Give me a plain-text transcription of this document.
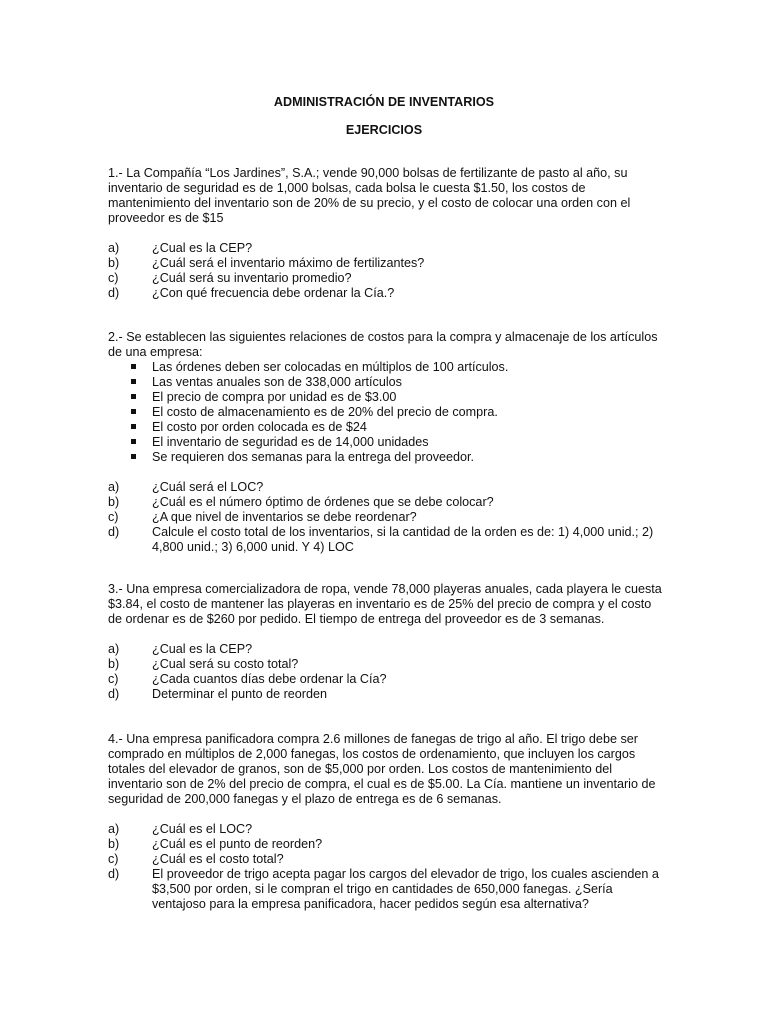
ADMINISTRACIÓN DE INVENTARIOS
EJERCICIOS

1.- La Compañía “Los Jardines”, S.A.; vende 90,000 bolsas de fertilizante de pasto al año, su inventario de seguridad es de 1,000 bolsas, cada bolsa le cuesta $1.50, los costos de mantenimiento del inventario son de 20% de su precio, y el costo de colocar una orden con el proveedor es de $15

a)	¿Cual es la CEP?
b)	¿Cuál será el inventario máximo de fertilizantes?
c)	¿Cuál será su inventario promedio?
d)	¿Con qué frecuencia debe ordenar la Cía.?

2.- Se establecen las siguientes relaciones de costos para la compra y almacenaje de los artículos de una empresa:

Las órdenes deben ser colocadas en múltiplos de 100 artículos.
Las ventas anuales son de 338,000 artículos
El precio de compra por unidad es de $3.00
El costo de almacenamiento es de 20% del precio de compra.
El costo por orden colocada es de $24
El inventario de seguridad es de 14,000 unidades
Se requieren dos semanas para la entrega del proveedor.
a)	¿Cuál será el LOC?
b)	¿Cuál es el número óptimo de órdenes que se debe colocar?
c)	¿A que nivel de inventarios se debe reordenar?
d)	Calcule el costo total de los inventarios, si la cantidad de la orden es de: 1) 4,000 unid.; 2) 4,800 unid.; 3) 6,000 unid. Y 4) LOC

3.- Una empresa comercializadora de ropa, vende 78,000 playeras anuales, cada playera le cuesta $3.84, el costo de mantener las playeras en inventario es de 25% del precio de compra y el costo de ordenar es de $260 por pedido. El tiempo de entrega del proveedor es de 3 semanas.

a)	¿Cual es la CEP?
b)	¿Cual será su costo total?
c)	¿Cada cuantos días debe ordenar la Cía?
d)	Determinar el punto de reorden

4.- Una empresa panificadora compra 2.6 millones de fanegas de trigo al año. El trigo debe ser comprado en múltiplos de 2,000 fanegas, los costos de ordenamiento, que incluyen los cargos totales del elevador de granos, son de $5,000 por orden. Los costos de mantenimiento del inventario son de 2% del precio de compra, el cual es de $5.00. La Cía. mantiene un inventario de seguridad de 200,000 fanegas y el plazo de entrega es de 6 semanas.

a)	¿Cuál es el LOC?
b)	¿Cuál es el punto de reorden?
c)	¿Cuál es el costo total?
d)	El proveedor de trigo acepta pagar los cargos del elevador de trigo, los cuales ascienden a $3,500 por orden, si le compran el trigo en cantidades de 650,000 fanegas. ¿Sería ventajoso para la empresa panificadora, hacer pedidos según esa alternativa?
